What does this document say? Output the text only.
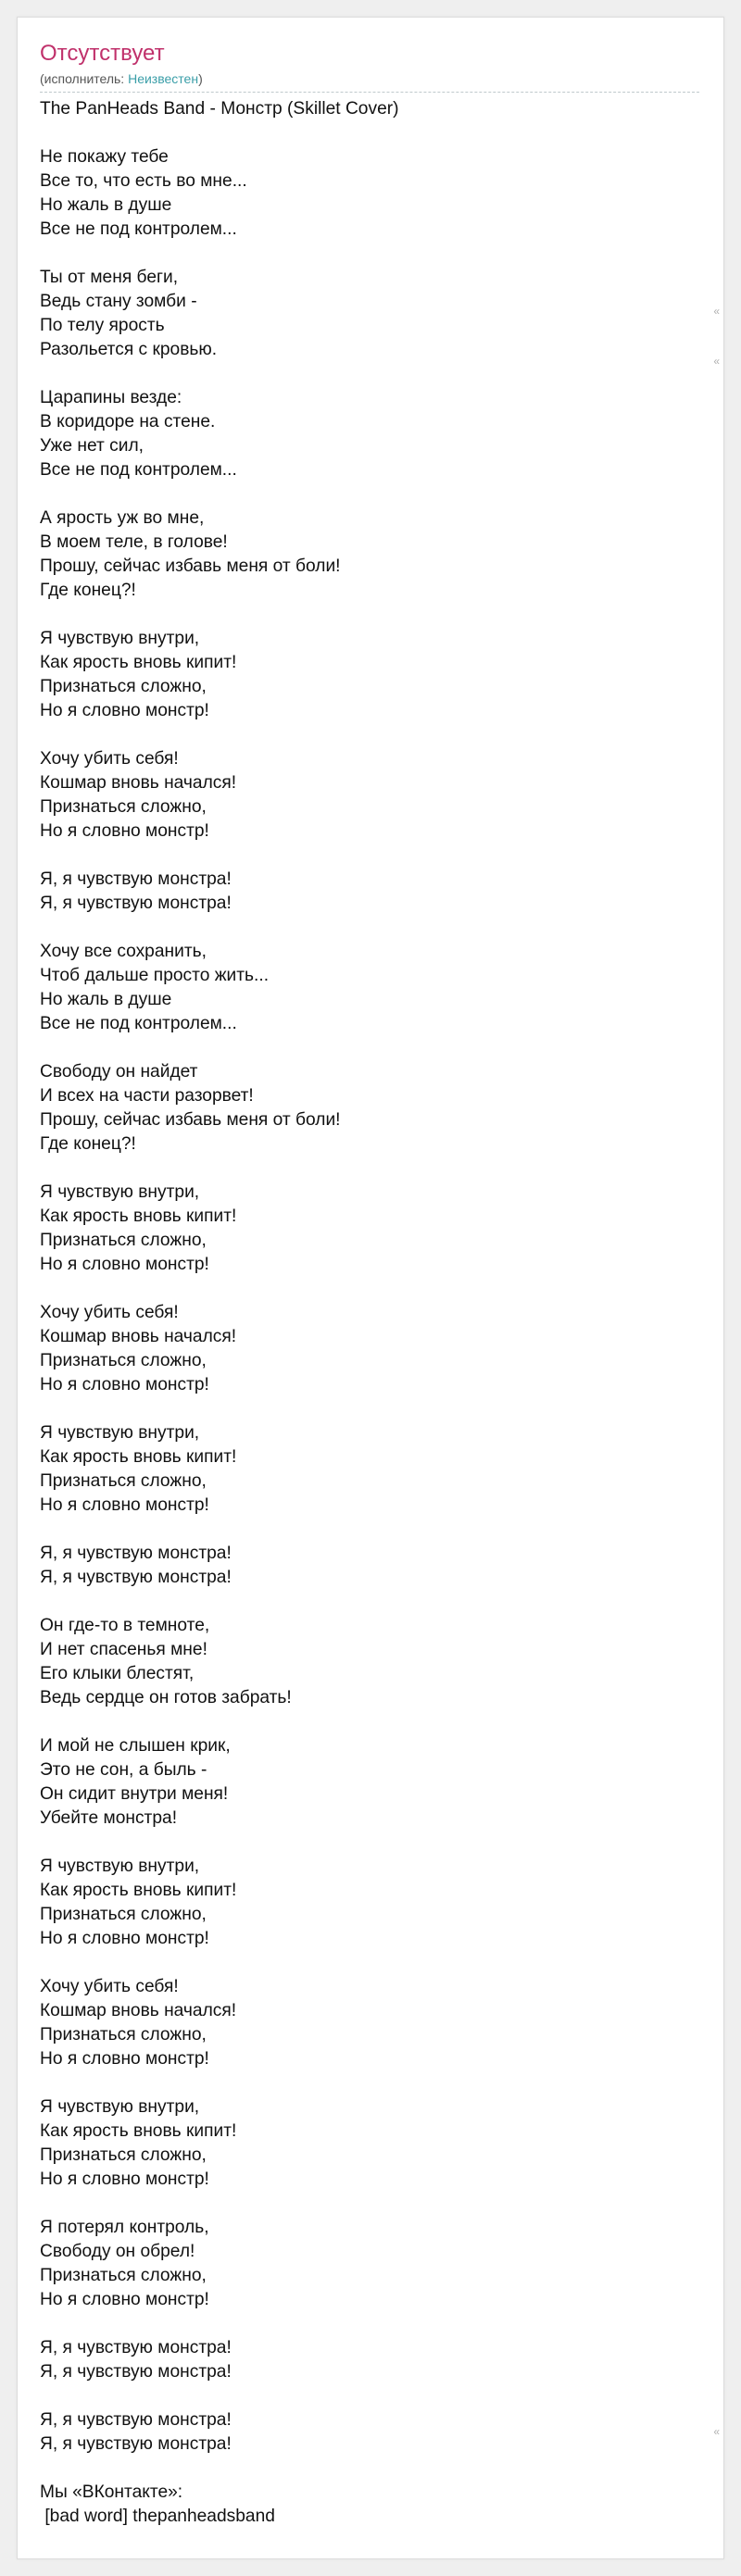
Отсутствует
(исполнитель: Неизвестен)
The PanHeads Band - Монстр (Skillet Cover)
Не покажу тебе
Все то, что есть во мне...
Но жаль в душе
Все не под контролем...
Ты от меня беги,
Ведь стану зомби -
По телу ярость
Разольется с кровью.
Царапины везде:
В коридоре на стене.
Уже нет сил,
Все не под контролем...
А ярость уж во мне,
В моем теле, в голове!
Прошу, сейчас избавь меня от боли!
Где конец?!
Я чувствую внутри,
Как ярость вновь кипит!
Признаться сложно,
Но я словно монстр!
Хочу убить себя!
Кошмар вновь начался!
Признаться сложно,
Но я словно монстр!
Я, я чувствую монстра!
Я, я чувствую монстра!
Хочу все сохранить,
Чтоб дальше просто жить...
Но жаль в душе
Все не под контролем...
Свободу он найдет
И всех на части разорвет!
Прошу, сейчас избавь меня от боли!
Где конец?!
Я чувствую внутри,
Как ярость вновь кипит!
Признаться сложно,
Но я словно монстр!
Хочу убить себя!
Кошмар вновь начался!
Признаться сложно,
Но я словно монстр!
Я чувствую внутри,
Как ярость вновь кипит!
Признаться сложно,
Но я словно монстр!
Я, я чувствую монстра!
Я, я чувствую монстра!
Он где-то в темноте,
И нет спасенья мне!
Его клыки блестят,
Ведь сердце он готов забрать!
И мой не слышен крик,
Это не сон, а быль -
Он сидит внутри меня!
Убейте монстра!
Я чувствую внутри,
Как ярость вновь кипит!
Признаться сложно,
Но я словно монстр!
Хочу убить себя!
Кошмар вновь начался!
Признаться сложно,
Но я словно монстр!
Я чувствую внутри,
Как ярость вновь кипит!
Признаться сложно,
Но я словно монстр!
Я потерял контроль,
Свободу он обрел!
Признаться сложно,
Но я словно монстр!
Я, я чувствую монстра!
Я, я чувствую монстра!
Я, я чувствую монстра!
Я, я чувствую монстра!
Мы «ВКонтакте»:
[bad word] thepanheadsband
«
«
«
